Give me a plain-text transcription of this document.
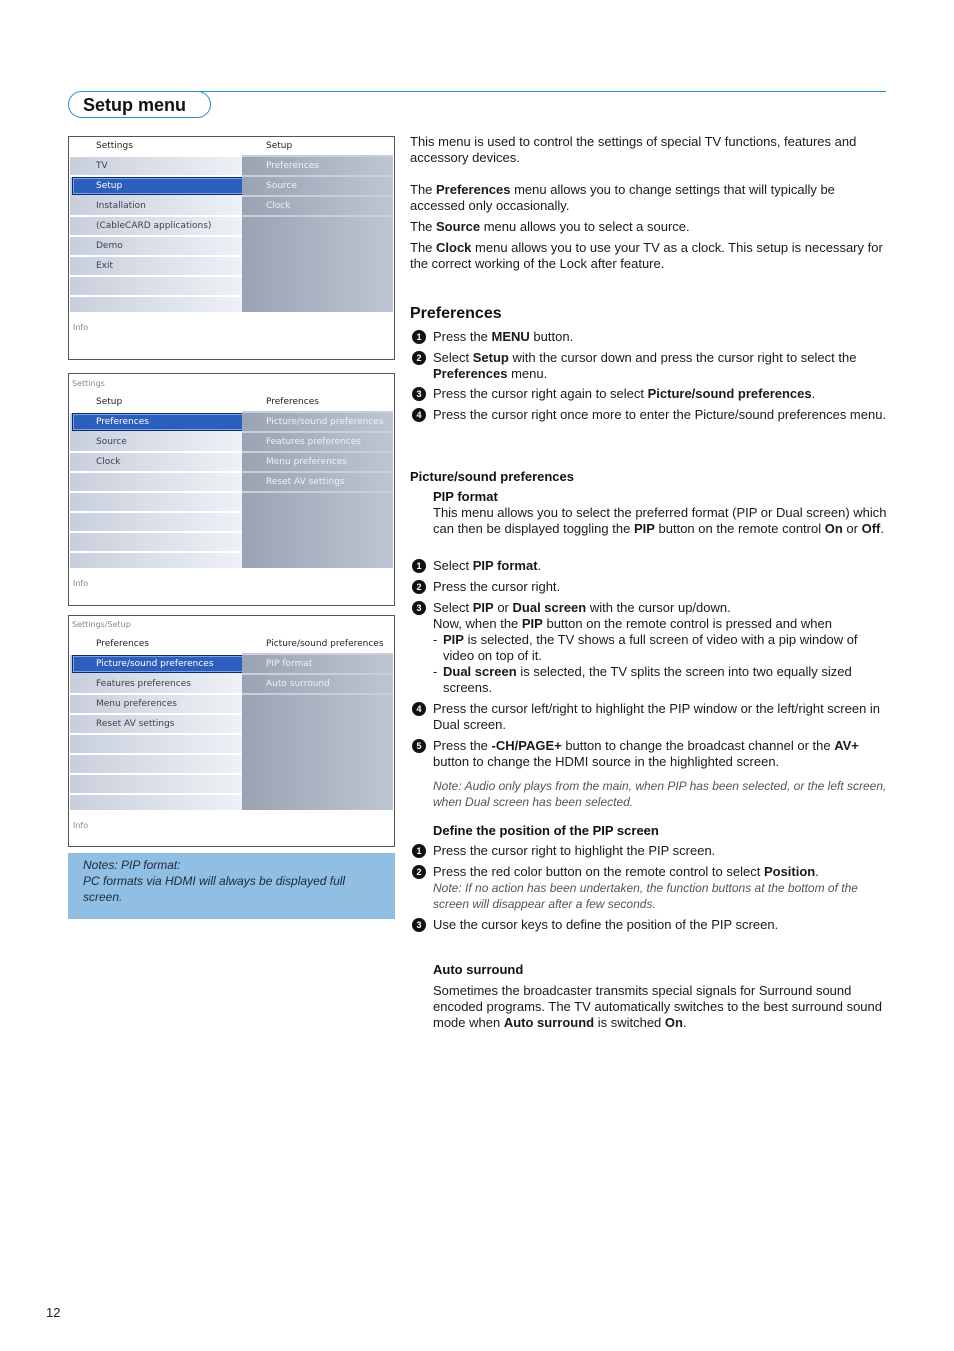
Setup menu
Settings
TV
Setup
Installation
(CableCARD applications)
Demo
Exit
Setup
Preferences
Source
Clock
Info
Settings
Setup
Preferences
Source
Clock
Preferences
Picture/sound preferences
Features preferences
Menu preferences
Reset AV settings
Info
Settings/Setup
Preferences
Picture/sound preferences
Features preferences
Menu preferences
Reset AV settings
Picture/sound preferences
PIP format
Auto surround
Info
Notes: PIP format:
PC formats via HDMI will always be displayed full screen.
This menu is used to control the settings of special TV functions, features and accessory devices.
The Preferences menu allows you to change settings that will typically be accessed only occasionally.
The Source menu allows you to select a source.
The Clock menu allows you to use your TV as a clock. This setup is necessary for the correct working of the Lock after feature.
Preferences
1 Press the MENU button.
2 Select Setup with the cursor down and press the cursor right to select the Preferences menu.
3 Press the cursor right again to select Picture/sound preferences.
4 Press the cursor right once more to enter the Picture/sound preferences menu.
Picture/sound preferences
PIP format
This menu allows you to select the preferred format (PIP or Dual screen) which can then be displayed toggling the PIP button on the remote control On or Off.
1 Select PIP format.
2 Press the cursor right.
3 Select PIP or Dual screen with the cursor up/down.
Now, when the PIP button on the remote control is pressed and when
- PIP is selected, the TV shows a full screen of video with a pip window of video on top of it.
- Dual screen is selected, the TV splits the screen into two equally sized screens.
4 Press the cursor left/right to highlight the PIP window or the left/right screen in Dual screen.
5 Press the -CH/PAGE+ button to change the broadcast channel or the AV+ button to change the HDMI source in the highlighted screen.
Note: Audio only plays from the main, when PIP has been selected, or the left screen, when Dual screen has been selected.
Define the position of the PIP screen
1 Press the cursor right to highlight the PIP screen.
2 Press the red color button on the remote control to select Position.
Note: If no action has been undertaken, the function buttons at the bottom of the screen will disappear after a few seconds.
3 Use the cursor keys to define the position of the PIP screen.
Auto surround
Sometimes the broadcaster transmits special signals for Surround sound encoded programs. The TV automatically switches to the best surround sound mode when Auto surround is switched On.
12
